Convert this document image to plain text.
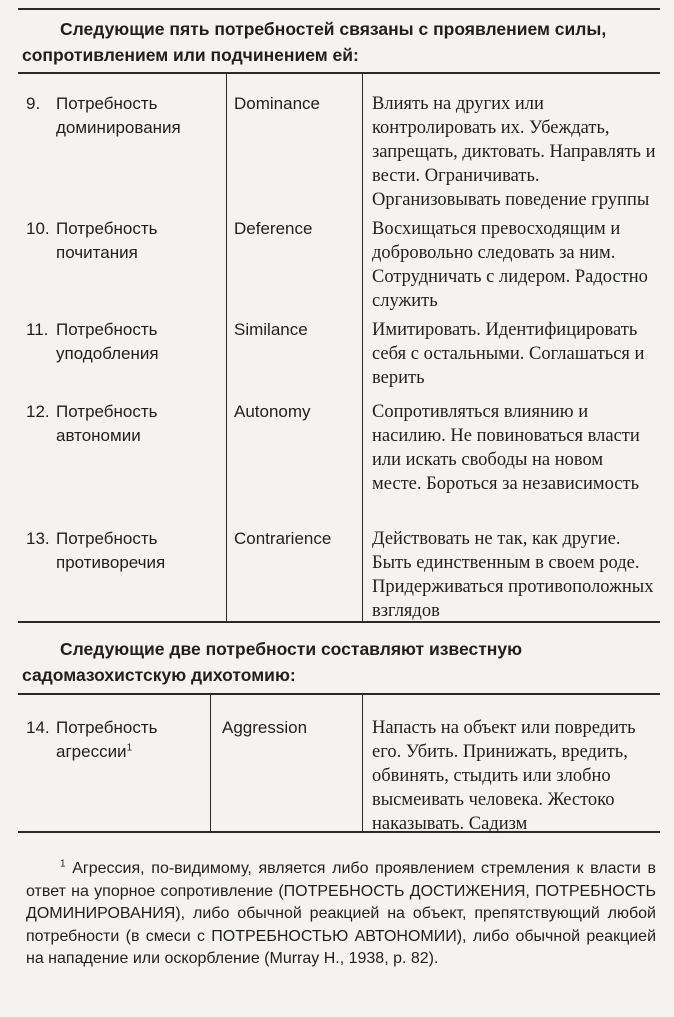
Следующие пять потребностей связаны с проявлением силы, сопротивлением или подчинением ей:
9. Потребность
доминирования
Dominance	Влиять на других или контролировать их. Убеждать, запрещать, диктовать. Направлять и вести. Ограничивать. Организовывать поведение группы
10. Потребность
почитания
Deference	Восхищаться превосходящим и добровольно следовать за ним. Сотрудничать с лидером. Радостно служить
11. Потребность
уподобления
Similance	Имитировать. Идентифицировать себя с остальными. Соглашаться и верить
12. Потребность
автономии
Autonomy	Сопротивляться влиянию и насилию. Не повиноваться власти или искать свободы на новом месте. Бороться за независимость
13. Потребность
противоречия
Contrarience	Действовать не так, как другие. Быть единственным в своем роде. Придерживаться противоположных взглядов
Следующие две потребности составляют известную садомазохистскую дихотомию:
14. Потребность
агрессии$^1$
Aggression	Напасть на объект или повредить его. Убить. Принижать, вредить, обвинять, стыдить или злобно высмеивать человека. Жестоко наказывать. Садизм
$^1$ Агрессия, по-видимому, является либо проявлением стремления к власти в ответ на упорное сопротивление (ПОТРЕБНОСТЬ ДОСТИЖЕНИЯ, ПОТРЕБНОСТЬ ДОМИНИРОВАНИЯ), либо обычной реакцией на объект, препятствующий любой потребности (в смеси с ПОТРЕБНОСТЬЮ АВТОНОМИИ), либо обычной реакцией на нападение или оскорбление (Murray H., 1938, p. 82).
